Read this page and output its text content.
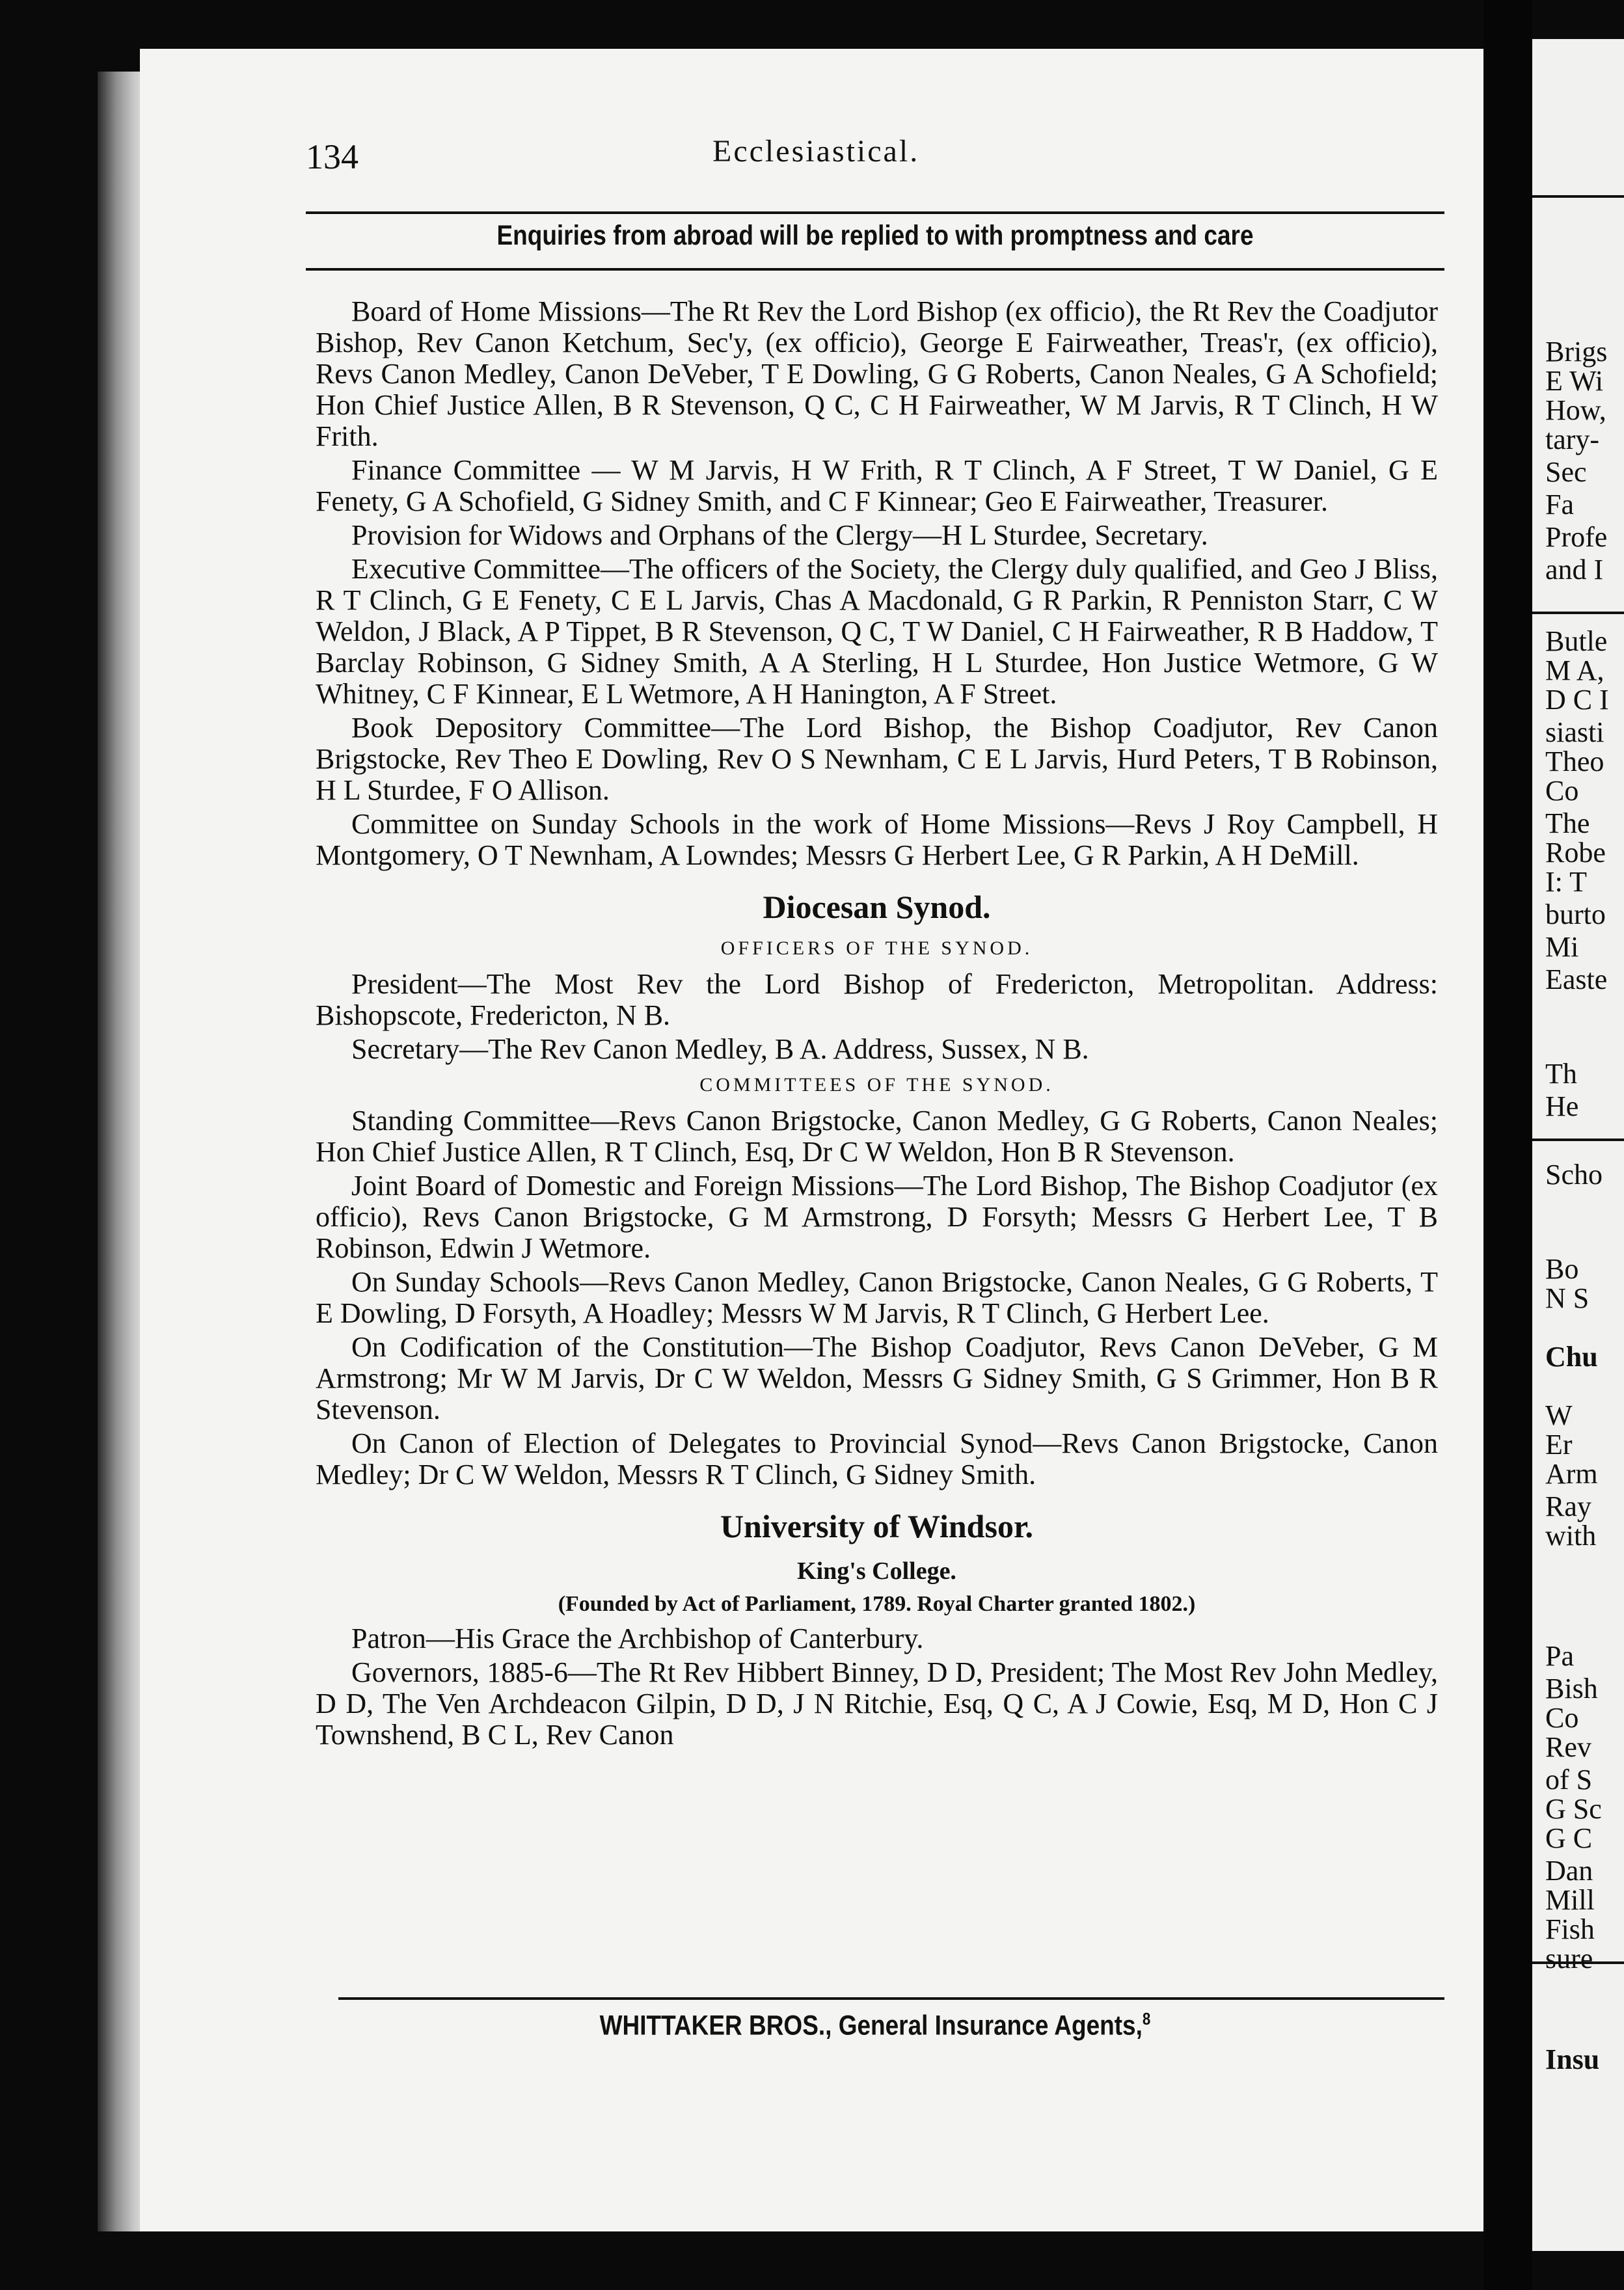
Brigs
E Wi
How,
tary-
Sec
Fa
Profe
and I
Butle
M A,
D C I
siasti
Theo
Co
The
Robe
I: T
burto
Mi
Easte
Th
He
Scho
Bo
N S
Chu
W
Er
Arm
Ray
with
Pa
Bish
Co
Rev
of S
G Sc
G C
Dan
Mill
Fish
sure
Insu
134	Ecclesiastical.
Enquiries from abroad will be replied to with promptness and care

Board of Home Missions—The Rt Rev the Lord Bishop (ex officio), the Rt Rev the Coadjutor Bishop, Rev Canon Ketchum, Sec'y, (ex officio), George E Fairweather, Treas'r, (ex officio), Revs Canon Medley, Canon DeVeber, T E Dowling, G G Roberts, Canon Neales, G A Schofield; Hon Chief Justice Allen, B R Stevenson, Q C, C H Fairweather, W M Jarvis, R T Clinch, H W Frith.

Finance Committee — W M Jarvis, H W Frith, R T Clinch, A F Street, T W Daniel, G E Fenety, G A Schofield, G Sidney Smith, and C F Kinnear; Geo E Fairweather, Treasurer.

Provision for Widows and Orphans of the Clergy—H L Sturdee, Secretary.

Executive Committee—The officers of the Society, the Clergy duly qualified, and Geo J Bliss, R T Clinch, G E Fenety, C E L Jarvis, Chas A Macdonald, G R Parkin, R Penniston Starr, C W Weldon, J Black, A P Tippet, B R Stevenson, Q C, T W Daniel, C H Fairweather, R B Haddow, T Barclay Robinson, G Sidney Smith, A A Sterling, H L Sturdee, Hon Justice Wetmore, G W Whitney, C F Kinnear, E L Wetmore, A H Hanington, A F Street.

Book Depository Committee—The Lord Bishop, the Bishop Coadjutor, Rev Canon Brigstocke, Rev Theo E Dowling, Rev O S Newnham, C E L Jarvis, Hurd Peters, T B Robinson, H L Sturdee, F O Allison.

Committee on Sunday Schools in the work of Home Missions—Revs J Roy Campbell, H Montgomery, O T Newnham, A Lowndes; Messrs G Herbert Lee, G R Parkin, A H DeMill.

Diocesan Synod.
OFFICERS OF THE SYNOD.

President—The Most Rev the Lord Bishop of Fredericton, Metropolitan. Address: Bishopscote, Fredericton, N B.

Secretary—The Rev Canon Medley, B A. Address, Sussex, N B.

COMMITTEES OF THE SYNOD.

Standing Committee—Revs Canon Brigstocke, Canon Medley, G G Roberts, Canon Neales; Hon Chief Justice Allen, R T Clinch, Esq, Dr C W Weldon, Hon B R Stevenson.

Joint Board of Domestic and Foreign Missions—The Lord Bishop, The Bishop Coadjutor (ex officio), Revs Canon Brigstocke, G M Armstrong, D Forsyth; Messrs G Herbert Lee, T B Robinson, Edwin J Wetmore.

On Sunday Schools—Revs Canon Medley, Canon Brigstocke, Canon Neales, G G Roberts, T E Dowling, D Forsyth, A Hoadley; Messrs W M Jarvis, R T Clinch, G Herbert Lee.

On Codification of the Constitution—The Bishop Coadjutor, Revs Canon DeVeber, G M Armstrong; Mr W M Jarvis, Dr C W Weldon, Messrs G Sidney Smith, G S Grimmer, Hon B R Stevenson.

On Canon of Election of Delegates to Provincial Synod—Revs Canon Brigstocke, Canon Medley; Dr C W Weldon, Messrs R T Clinch, G Sidney Smith.

University of Windsor.
King's College.
(Founded by Act of Parliament, 1789. Royal Charter granted 1802.)

Patron—His Grace the Archbishop of Canterbury.

Governors, 1885-6—The Rt Rev Hibbert Binney, D D, President; The Most Rev John Medley, D D, The Ven Archdeacon Gilpin, D D, J N Ritchie, Esq, Q C, A J Cowie, Esq, M D, Hon C J Townshend, B C L, Rev Canon

WHITTAKER BROS., General Insurance Agents,$^8$
